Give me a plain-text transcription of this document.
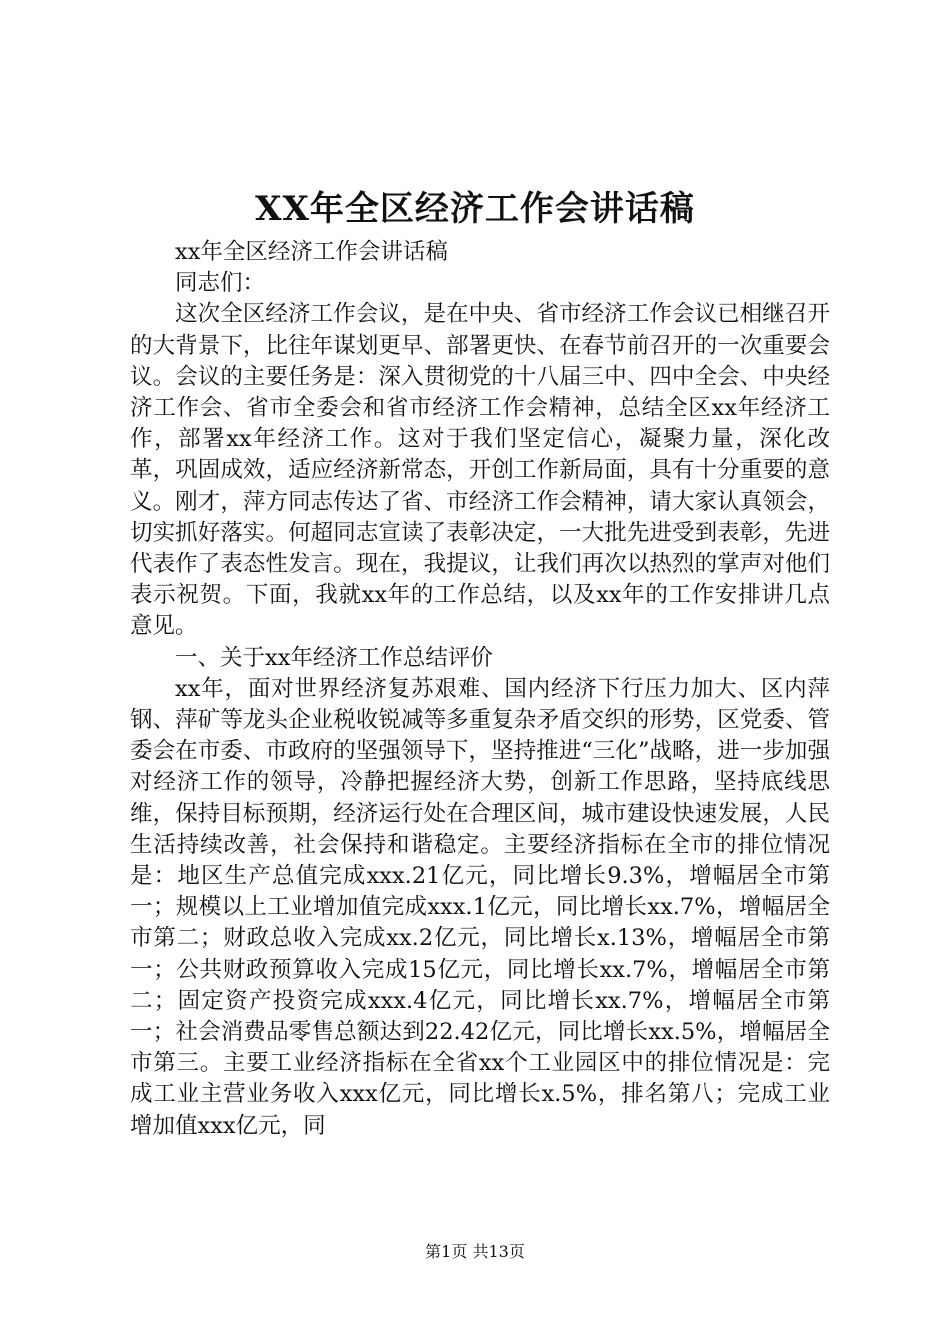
XX年全区经济工作会讲话稿

xx年全区经济工作会讲话稿

同志们：

这次全区经济工作会议，是在中央、省市经济工作会议已相继召开的大背景下，比往年谋划更早、部署更快、在春节前召开的一次重要会议。会议的主要任务是：深入贯彻党的十八届三中、四中全会、中央经济工作会、省市全委会和省市经济工作会精神，总结全区xx年经济工作，部署xx年经济工作。这对于我们坚定信心，凝聚力量，深化改革，巩固成效，适应经济新常态，开创工作新局面，具有十分重要的意义。刚才，萍方同志传达了省、市经济工作会精神，请大家认真领会，切实抓好落实。何超同志宣读了表彰决定，一大批先进受到表彰，先进代表作了表态性发言。现在，我提议，让我们再次以热烈的掌声对他们表示祝贺。下面，我就xx年的工作总结，以及xx年的工作安排讲几点意见。

一、关于xx年经济工作总结评价

xx年，面对世界经济复苏艰难、国内经济下行压力加大、区内萍钢、萍矿等龙头企业税收锐减等多重复杂矛盾交织的形势，区党委、管委会在市委、市政府的坚强领导下，坚持推进“三化”战略，进一步加强对经济工作的领导，冷静把握经济大势，创新工作思路，坚持底线思维，保持目标预期，经济运行处在合理区间，城市建设快速发展，人民生活持续改善，社会保持和谐稳定。主要经济指标在全市的排位情况是：地区生产总值完成xxx.21亿元，同比增长9.3%，增幅居全市第一；规模以上工业增加值完成xxx.1亿元，同比增长xx.7%，增幅居全市第二；财政总收入完成xx.2亿元，同比增长x.13%，增幅居全市第一；公共财政预算收入完成15亿元，同比增长xx.7%，增幅居全市第二；固定资产投资完成xxx.4亿元，同比增长xx.7%，增幅居全市第一；社会消费品零售总额达到22.42亿元，同比增长xx.5%，增幅居全市第三。主要工业经济指标在全省xx个工业园区中的排位情况是：完成工业主营业务收入xxx亿元，同比增长x.5%，排名第八；完成工业增加值xxx亿元，同

第1页 共13页
